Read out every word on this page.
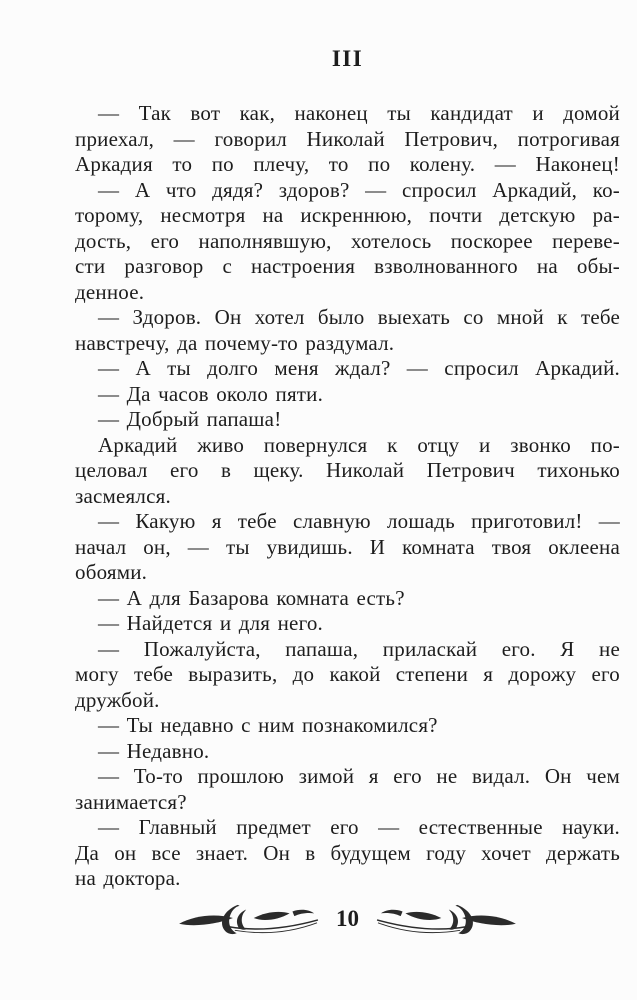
III
— Так вот как, наконец ты кандидат и домой
приехал, — говорил Николай Петрович, потрогивая
Аркадия то по плечу, то по колену. — Наконец!
— А что дядя? здоров? — спросил Аркадий, ко-
торому, несмотря на искреннюю, почти детскую ра-
дость, его наполнявшую, хотелось поскорее переве-
сти разговор с настроения взволнованного на обы-
денное.
— Здоров. Он хотел было выехать со мной к тебе
навстречу, да почему-то раздумал.
— А ты долго меня ждал? — спросил Аркадий.
— Да часов около пяти.
— Добрый папаша!
Аркадий живо повернулся к отцу и звонко по-
целовал его в щеку. Николай Петрович тихонько
засмеялся.
— Какую я тебе славную лошадь приготовил! —
начал он, — ты увидишь. И комната твоя оклеена
обоями.
— А для Базарова комната есть?
— Найдется и для него.
— Пожалуйста, папаша, приласкай его. Я не
могу тебе выразить, до какой степени я дорожу его
дружбой.
— Ты недавно с ним познакомился?
— Недавно.
— То-то прошлою зимой я его не видал. Он чем
занимается?
— Главный предмет его — естественные науки.
Да он все знает. Он в будущем году хочет держать
на доктора.
10
